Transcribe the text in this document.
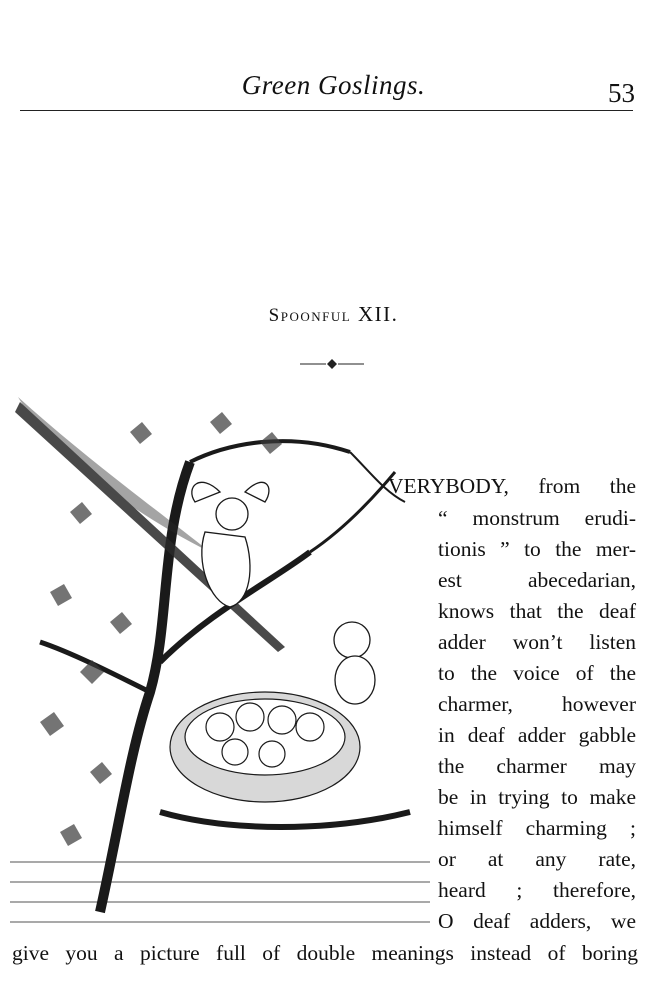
Green Goslings.	53
Spoonful XII.
VERYBODY, from the
“ monstrum erudi-
tionis ” to the mer-
est abecedarian,
knows that the deaf
adder won’t listen
to the voice of the
charmer, however
in deaf adder gabble
the charmer may
be in trying to make
himself charming ;
or at any rate,
heard ; therefore,
O deaf adders, we
give you a picture full of double meanings instead of boring
